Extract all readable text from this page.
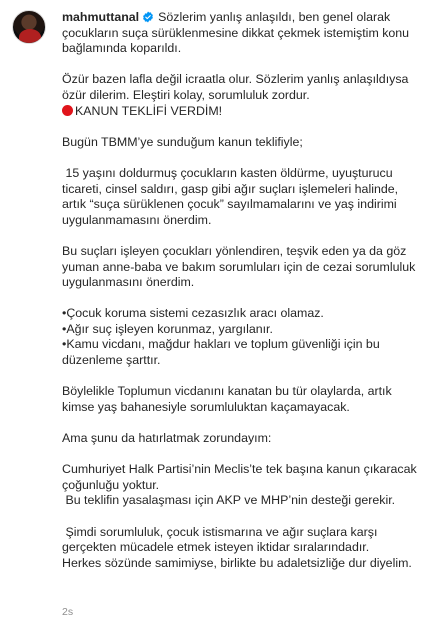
mahmuttanal Sözlerim yanlış anlaşıldı, ben genel olarak
çocukların suça sürüklenmesine dikkat çekmek istemiştim konu
bağlamında koparıldı.
Özür bazen lafla değil icraatla olur. Sözlerim yanlış anlaşıldıysa
özür dilerim. Eleştiri kolay, sorumluluk zordur.
KANUN TEKLİFİ VERDİM!
Bugün TBMM’ye sunduğum kanun teklifiyle;
15 yaşını doldurmuş çocukların kasten öldürme, uyuşturucu
ticareti, cinsel saldırı, gasp gibi ağır suçları işlemeleri halinde,
artık “suça sürüklenen çocuk” sayılmamalarını ve yaş indirimi
uygulanmamasını önerdim.
Bu suçları işleyen çocukları yönlendiren, teşvik eden ya da göz
yuman anne-baba ve bakım sorumluları için de cezai sorumluluk
uygulanmasını önerdim.
•Çocuk koruma sistemi cezasızlık aracı olamaz.
•Ağır suç işleyen korunmaz, yargılanır.
•Kamu vicdanı, mağdur hakları ve toplum güvenliği için bu
düzenleme şarttır.
Böylelikle Toplumun vicdanını kanatan bu tür olaylarda, artık
kimse yaş bahanesiyle sorumluluktan kaçamayacak.
Ama şunu da hatırlatmak zorundayım:
Cumhuriyet Halk Partisi’nin Meclis’te tek başına kanun çıkaracak
çoğunluğu yoktur.
Bu teklifin yasalaşması için AKP ve MHP’nin desteği gerekir.
Şimdi sorumluluk, çocuk istismarına ve ağır suçlara karşı
gerçekten mücadele etmek isteyen iktidar sıralarındadır.
Herkes sözünde samimiyse, birlikte bu adaletsizliğe dur diyelim.
2s
